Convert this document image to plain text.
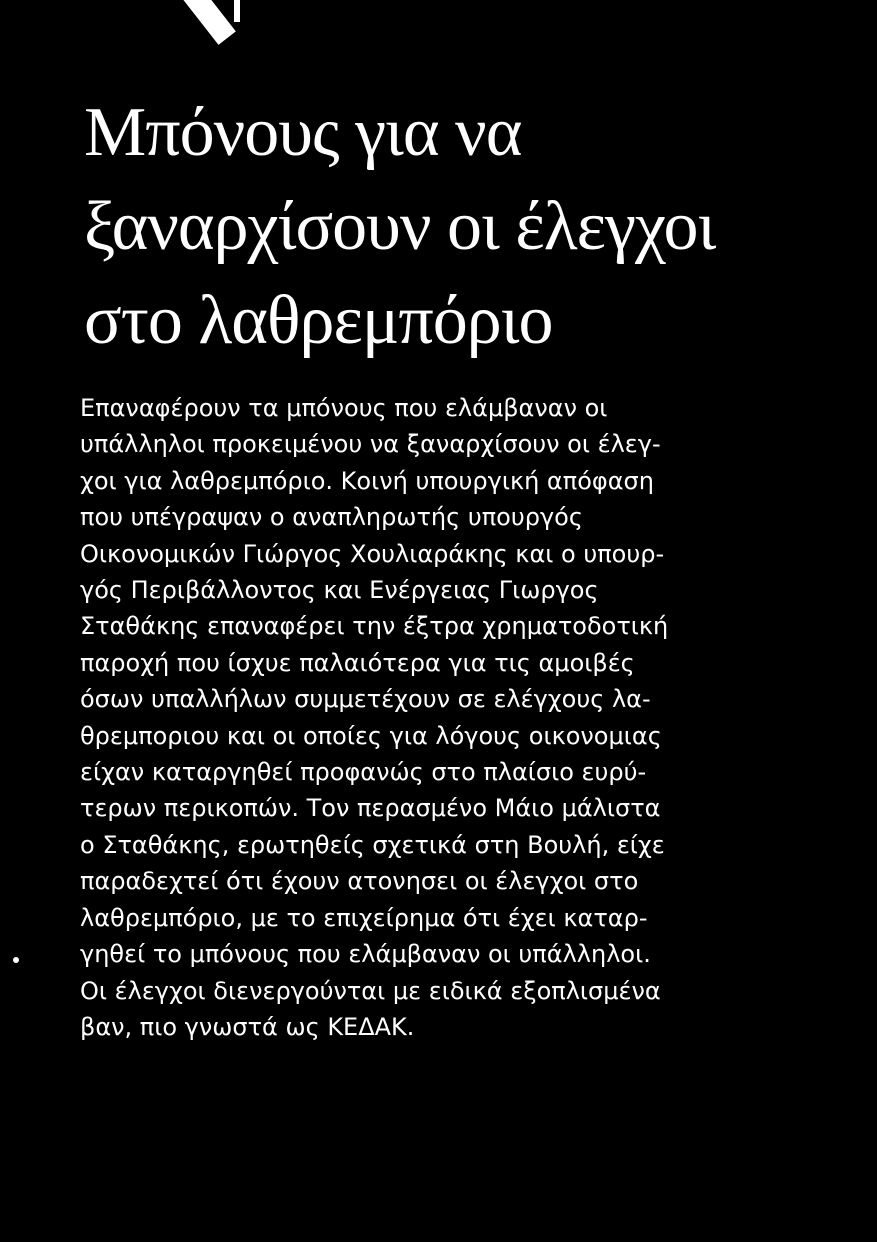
Μπόνους για να
ξαναρχίσουν οι έλεγχοι
στο λαθρεμπόριο

Επαναφέρουν τα μπόνους που ελάμβαναν οι
υπάλληλοι προκειμένου να ξαναρχίσουν οι έλεγ-
χοι για λαθρεμπόριο. Κοινή υπουργική απόφαση
που υπέγραψαν ο αναπληρωτής υπουργός
Οικονομικών Γιώργος Χουλιαράκης και ο υπουρ-
γός Περιβάλλοντος και Ενέργειας Γιωργος
Σταθάκης επαναφέρει την έξτρα χρηματοδοτική
παροχή που ίσχυε παλαιότερα για τις αμοιβές
όσων υπαλλήλων συμμετέχουν σε ελέγχους λα-
θρεμποριου και οι οποίες για λόγους οικονομιας
είχαν καταργηθεί προφανώς στο πλαίσιο ευρύ-
τερων περικοπών. Τον περασμένο Μάιο μάλιστα
ο Σταθάκης, ερωτηθείς σχετικά στη Βουλή, είχε
παραδεχτεί ότι έχουν ατονησει οι έλεγχοι στο
λαθρεμπόριο, με το επιχείρημα ότι έχει καταρ-
γηθεί το μπόνους που ελάμβαναν οι υπάλληλοι.
Οι έλεγχοι διενεργούνται με ειδικά εξοπλισμένα
βαν, πιο γνωστά ως ΚΕΔΑΚ.
